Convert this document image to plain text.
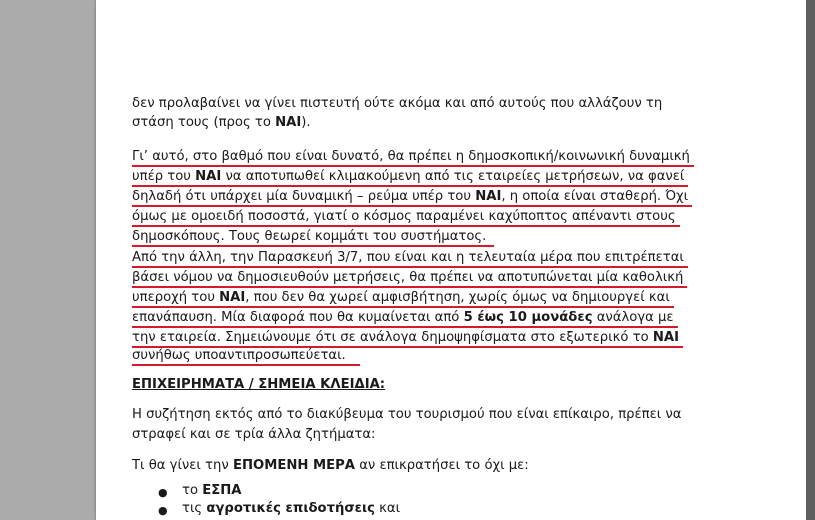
δεν προλαβαίνει να γίνει πιστευτή ούτε ακόμα και από αυτούς που αλλάζουν τη
στάση τους (προς το ΝΑΙ).
Γι’ αυτό, στο βαθμό που είναι δυνατό, θα πρέπει η δημοσκοπική/κοινωνική δυναμική
υπέρ του ΝΑΙ να αποτυπωθεί κλιμακούμενη από τις εταιρείες μετρήσεων, να φανεί
δηλαδή ότι υπάρχει μία δυναμική – ρεύμα υπέρ του ΝΑΙ, η οποία είναι σταθερή. Όχι
όμως με ομοειδή ποσοστά, γιατί ο κόσμος παραμένει καχύποπτος απέναντι στους
δημοσκόπους. Τους θεωρεί κομμάτι του συστήματος.
Από την άλλη, την Παρασκευή 3/7, που είναι και η τελευταία μέρα που επιτρέπεται
βάσει νόμου να δημοσιευθούν μετρήσεις, θα πρέπει να αποτυπώνεται μία καθολική
υπεροχή του ΝΑΙ, που δεν θα χωρεί αμφισβήτηση, χωρίς όμως να δημιουργεί και
επανάπαυση. Μία διαφορά που θα κυμαίνεται από 5 έως 10 μονάδες ανάλογα με
την εταιρεία. Σημειώνουμε ότι σε ανάλογα δημοψηφίσματα στο εξωτερικό το ΝΑΙ
συνήθως υποαντιπροσωπεύεται.
ΕΠΙΧΕΙΡΗΜΑΤΑ / ΣΗΜΕΙΑ ΚΛΕΙΔΙΑ:
Η συζήτηση εκτός από το διακύβευμα του τουρισμού που είναι επίκαιρο, πρέπει να
στραφεί και σε τρία άλλα ζητήματα:
Τι θα γίνει την ΕΠΟΜΕΝΗ ΜΕΡΑ αν επικρατήσει το όχι με:
● το ΕΣΠΑ
● τις αγροτικές επιδοτήσεις και
